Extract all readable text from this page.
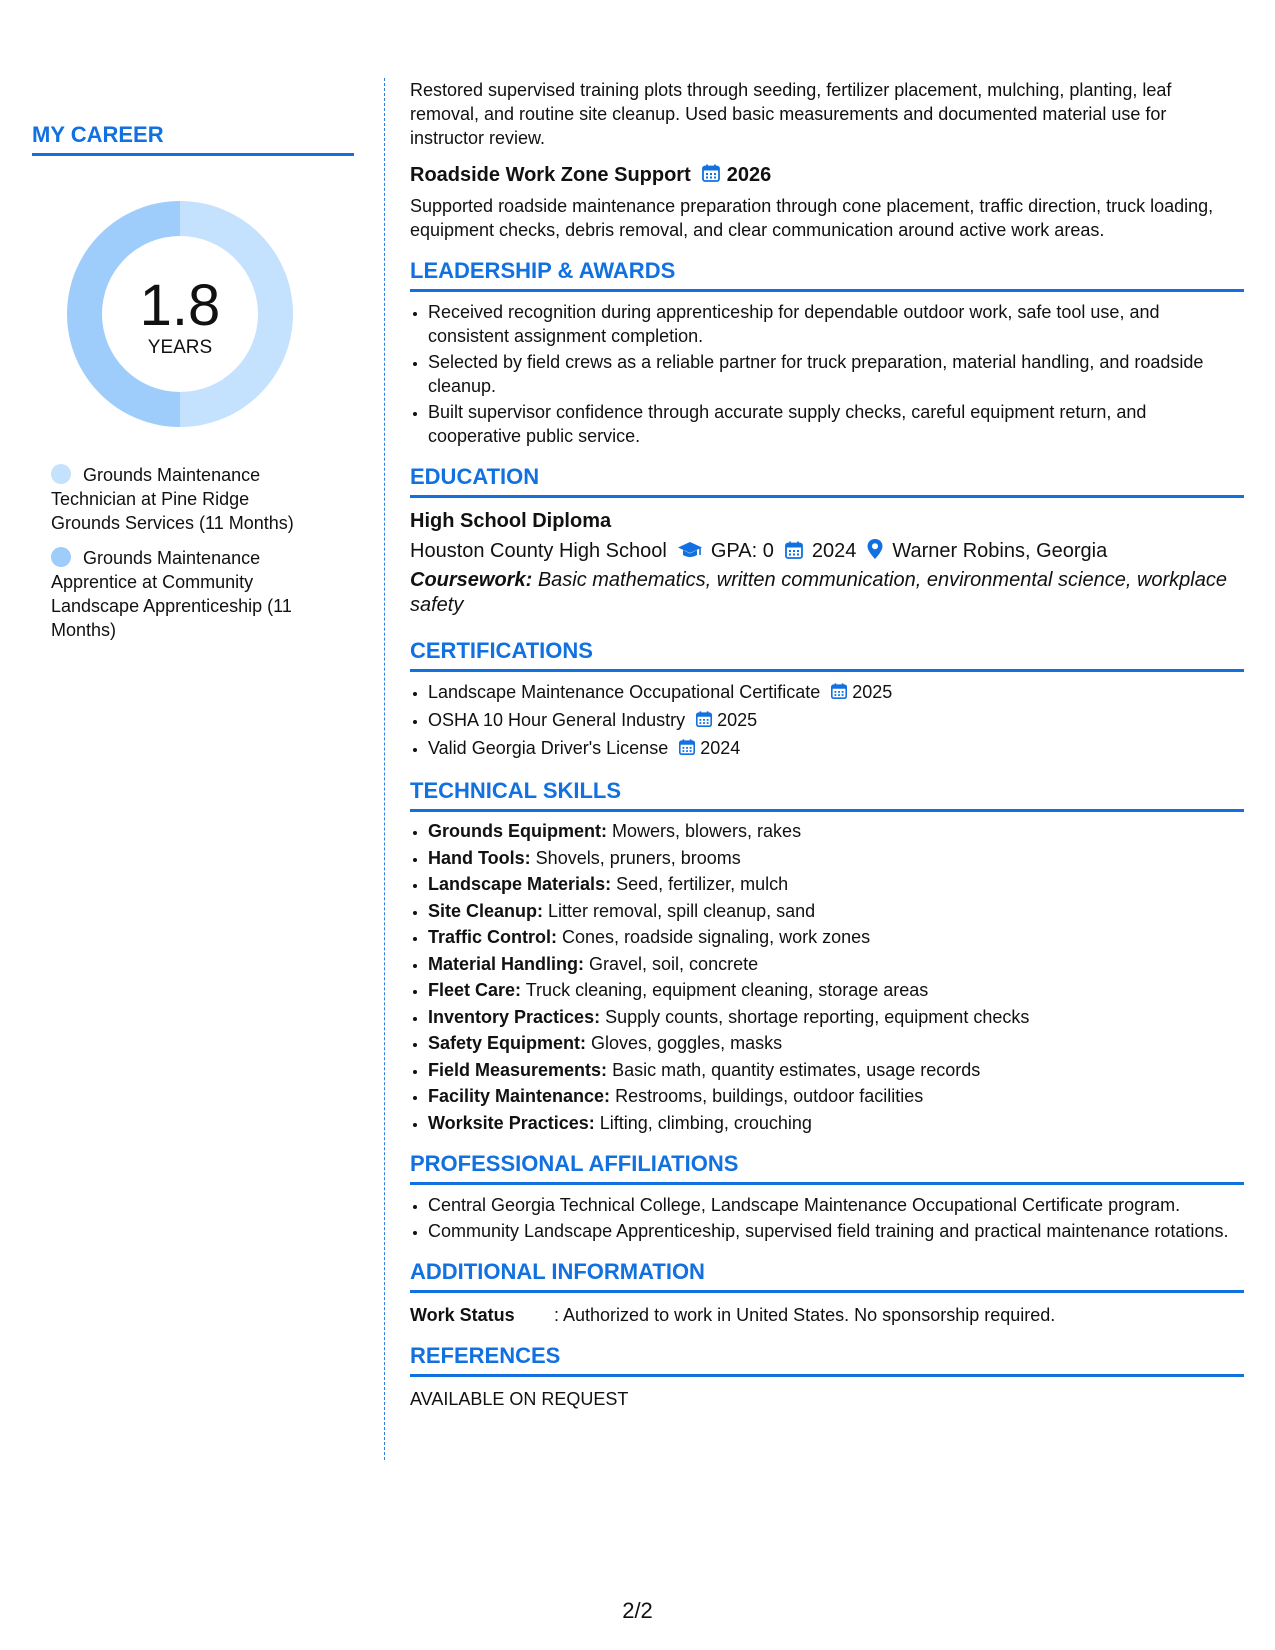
MY CAREER
1.8
YEARS
Grounds Maintenance Technician at Pine Ridge Grounds Services (11 Months)
Grounds Maintenance Apprentice at Community Landscape Apprenticeship (11 Months)

Restored supervised training plots through seeding, fertilizer placement, mulching, planting, leaf removal, and routine site cleanup. Used basic measurements and documented material use for instructor review.

Roadside Work Zone Support 2026

Supported roadside maintenance preparation through cone placement, traffic direction, truck loading, equipment checks, debris removal, and clear communication around active work areas.

LEADERSHIP & AWARDS
• Received recognition during apprenticeship for dependable outdoor work, safe tool use, and consistent assignment completion.
• Selected by field crews as a reliable partner for truck preparation, material handling, and roadside cleanup.
• Built supervisor confidence through accurate supply checks, careful equipment return, and cooperative public service.
EDUCATION
High School Diploma
Houston County High School GPA: 0 2024 Warner Robins, Georgia
Coursework: Basic mathematics, written communication, environmental science, workplace safety
CERTIFICATIONS
• Landscape Maintenance Occupational Certificate 2025
• OSHA 10 Hour General Industry 2025
• Valid Georgia Driver's License 2024
TECHNICAL SKILLS
• Grounds Equipment: Mowers, blowers, rakes
• Hand Tools: Shovels, pruners, brooms
• Landscape Materials: Seed, fertilizer, mulch
• Site Cleanup: Litter removal, spill cleanup, sand
• Traffic Control: Cones, roadside signaling, work zones
• Material Handling: Gravel, soil, concrete
• Fleet Care: Truck cleaning, equipment cleaning, storage areas
• Inventory Practices: Supply counts, shortage reporting, equipment checks
• Safety Equipment: Gloves, goggles, masks
• Field Measurements: Basic math, quantity estimates, usage records
• Facility Maintenance: Restrooms, buildings, outdoor facilities
• Worksite Practices: Lifting, climbing, crouching
PROFESSIONAL AFFILIATIONS
• Central Georgia Technical College, Landscape Maintenance Occupational Certificate program.
• Community Landscape Apprenticeship, supervised field training and practical maintenance rotations.
ADDITIONAL INFORMATION
Work Status : Authorized to work in United States. No sponsorship required.
REFERENCES
AVAILABLE ON REQUEST
2/2
